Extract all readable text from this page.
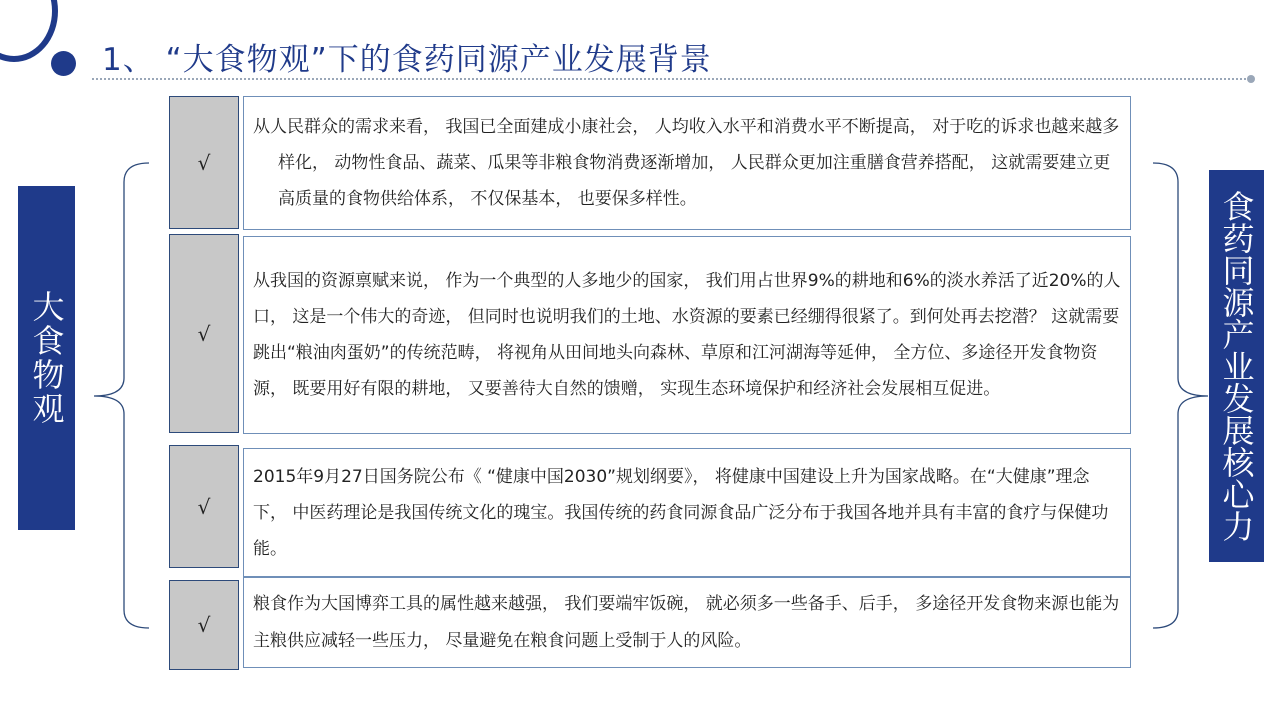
1、 “大食物观”下的食药同源产业发展背景
大食物观	食药同源产业发展核心力
√

从人民群众的需求来看， 我国已全面建成小康社会， 人均收入水平和消费水平不断提高， 对于吃的诉求也越来越多样化， 动物性食品、蔬菜、瓜果等非粮食物消费逐渐增加， 人民群众更加注重膳食营养搭配， 这就需要建立更高质量的食物供给体系， 不仅保基本， 也要保多样性。

√

从我国的资源禀赋来说， 作为一个典型的人多地少的国家， 我们用占世界9%的耕地和6%的淡水养活了近20%的人口， 这是一个伟大的奇迹， 但同时也说明我们的土地、水资源的要素已经绷得很紧了。到何处再去挖潜？ 这就需要跳出“粮油肉蛋奶”的传统范畴， 将视角从田间地头向森林、草原和江河湖海等延伸， 全方位、多途径开发食物资源， 既要用好有限的耕地， 又要善待大自然的馈赠， 实现生态环境保护和经济社会发展相互促进。

√

2015年9月27日国务院公布《 “健康中国2030”规划纲要》， 将健康中国建设上升为国家战略。在“大健康”理念下， 中医药理论是我国传统文化的瑰宝。我国传统的药食同源食品广泛分布于我国各地并具有丰富的食疗与保健功能。

√

粮食作为大国博弈工具的属性越来越强， 我们要端牢饭碗， 就必须多一些备手、后手， 多途径开发食物来源也能为主粮供应减轻一些压力， 尽量避免在粮食问题上受制于人的风险。
